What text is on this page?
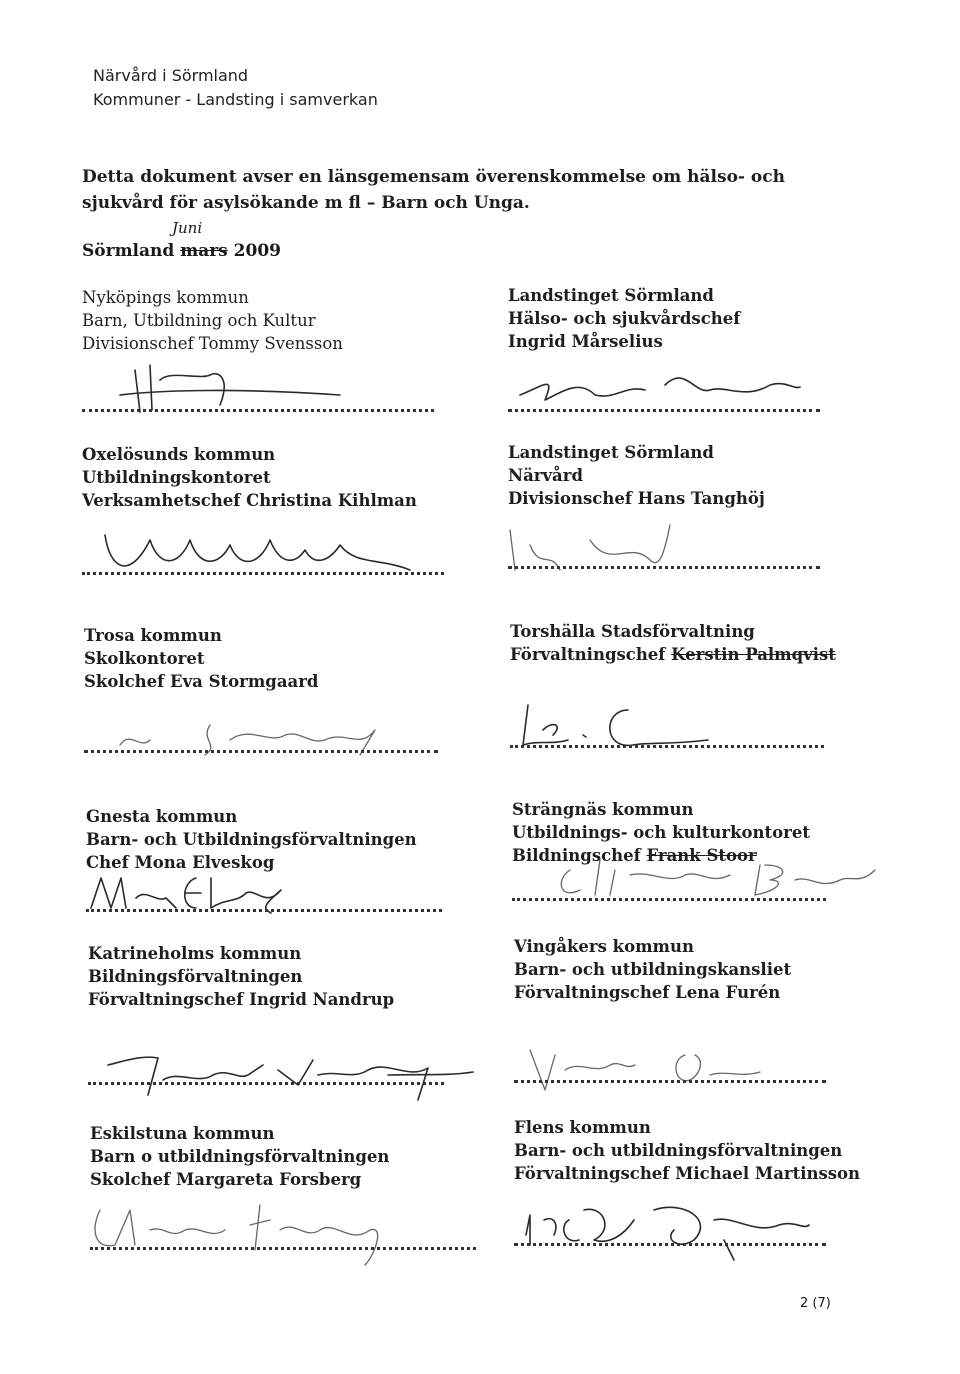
Närvård i Sörmland
Kommuner - Landsting i samverkan
Detta dokument avser en länsgemensam överenskommelse om hälso- och sjukvård för asylsökande m fl – Barn och Unga.
Sörmland mars
Juni
2009
Nyköpings kommun
Barn, Utbildning och Kultur
Divisionschef Tommy Svensson
Landstinget Sörmland
Hälso- och sjukvårdschef
Ingrid Mårselius
Oxelösunds kommun
Utbildningskontoret
Verksamhetschef Christina Kihlman
Landstinget Sörmland
Närvård
Divisionschef Hans Tanghöj
Trosa kommun
Skolkontoret
Skolchef Eva Stormgaard
Torshälla Stadsförvaltning
Förvaltningschef Kerstin Palmqvist
Gnesta kommun
Barn- och Utbildningsförvaltningen
Chef Mona Elveskog
Strängnäs kommun
Utbildnings- och kulturkontoret
Bildningschef Frank Stoor
Katrineholms kommun
Bildningsförvaltningen
Förvaltningschef Ingrid Nandrup
Vingåkers kommun
Barn- och utbildningskansliet
Förvaltningschef Lena Furén
Eskilstuna kommun
Barn o utbildningsförvaltningen
Skolchef Margareta Forsberg
Flens kommun
Barn- och utbildningsförvaltningen
Förvaltningschef Michael Martinsson
2 (7)
